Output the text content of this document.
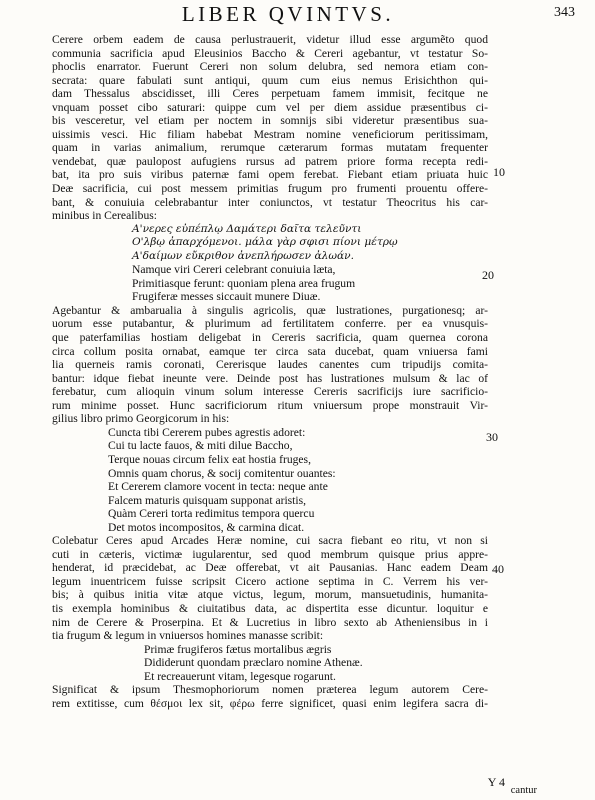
LIBER QVINTVS.	343
Cerere orbem eadem de causa perlustrauerit, videtur illud esse argumẽto quod
communia sacrificia apud Eleusinios Baccho & Cereri agebantur, vt testatur So-
phoclis enarrator. Fuerunt Cereri non solum delubra, sed nemora etiam con-
secrata: quare fabulati sunt antiqui, quum cum eius nemus Erisichthon qui-
dam Thessalus abscidisset, illi Ceres perpetuam famem immisit, fecitque ne
vnquam posset cibo saturari: quippe cum vel per diem assidue præsentibus ci-
bis vesceretur, vel etiam per noctem in somnijs sibi videretur præsentibus sua-
uissimis vesci. Hic filiam habebat Mestram nomine veneficiorum peritissimam,
quam in varias animalium, rerumque cæterarum formas mutatam frequenter
vendebat, quæ paulopost aufugiens rursus ad patrem priore forma recepta redi-
bat, ita pro suis viribus paternæ fami opem ferebat. Fiebant etiam priuata huic
Deæ sacrificia, cui post messem primitias frugum pro frumenti prouentu offere-
bant, & conuiuia celebrabantur inter coniunctos, vt testatur Theocritus his car-
minibus in Cerealibus:
Α'νερες εὐπέπλῳ Δαμάτερι δαῖτα τελεῦντι
Ο'λβῳ ἀπαρχόμενοι. μάλα γὰρ σφισι πίονι μέτρῳ
Α'δαίμων εὔκριθον ἀνεπλήρωσεν ἀλωάν.
Namque viri Cereri celebrant conuiuia læta,
Primitiasque ferunt: quoniam plena area frugum
Frugiferæ messes siccauit munere Diuæ.
Agebantur & ambarualia à singulis agricolis, quæ lustrationes, purgationesq; ar-
uorum esse putabantur, & plurimum ad fertilitatem conferre. per ea vnusquis-
que paterfamilias hostiam deligebat in Cereris sacrificia, quam quernea corona
circa collum posita ornabat, eamque ter circa sata ducebat, quam vniuersa fami
lia querneis ramis coronati, Cererisque laudes canentes cum tripudijs comita-
bantur: idque fiebat ineunte vere. Deinde post has lustrationes mulsum & lac of
ferebatur, cum alioquin vinum solum interesse Cereris sacrificijs iure sacrificio-
rum minime posset. Hunc sacrificiorum ritum vniuersum prope monstrauit Vir-
gilius libro primo Georgicorum in his:
Cuncta tibi Cererem pubes agrestis adoret:
Cui tu lacte fauos, & miti dilue Baccho,
Terque nouas circum felix eat hostia fruges,
Omnis quam chorus, & socij comitentur ouantes:
Et Cererem clamore vocent in tecta: neque ante
Falcem maturis quisquam supponat aristis,
Quàm Cereri torta redimitus tempora quercu
Det motos incompositos, & carmina dicat.
Colebatur Ceres apud Arcades Heræ nomine, cui sacra fiebant eo ritu, vt non si
cuti in cæteris, victimæ iugularentur, sed quod membrum quisque prius appre-
henderat, id præcidebat, ac Deæ offerebat, vt ait Pausanias. Hanc eadem Deam
legum inuentricem fuisse scripsit Cicero actione septima in C. Verrem his ver-
bis; à quibus initia vitæ atque victus, legum, morum, mansuetudinis, humanita-
tis exempla hominibus & ciuitatibus data, ac dispertita esse dicuntur. loquitur e
nim de Cerere & Proserpina. Et & Lucretius in libro sexto ab Atheniensibus in i
tia frugum & legum in vniuersos homines manasse scribit:
Primæ frugiferos fætus mortalibus ægris
Dididerunt quondam præclaro nomine Athenæ.
Et recreauerunt vitam, legesque rogarunt.
Significat & ipsum Thesmophoriorum nomen præterea legum autorem Cere-
rem extitisse, cum θέσμοι lex sit, φέρω ferre significet, quasi enim legifera sacra di-
10
20
30
40
Y 4
cantur
